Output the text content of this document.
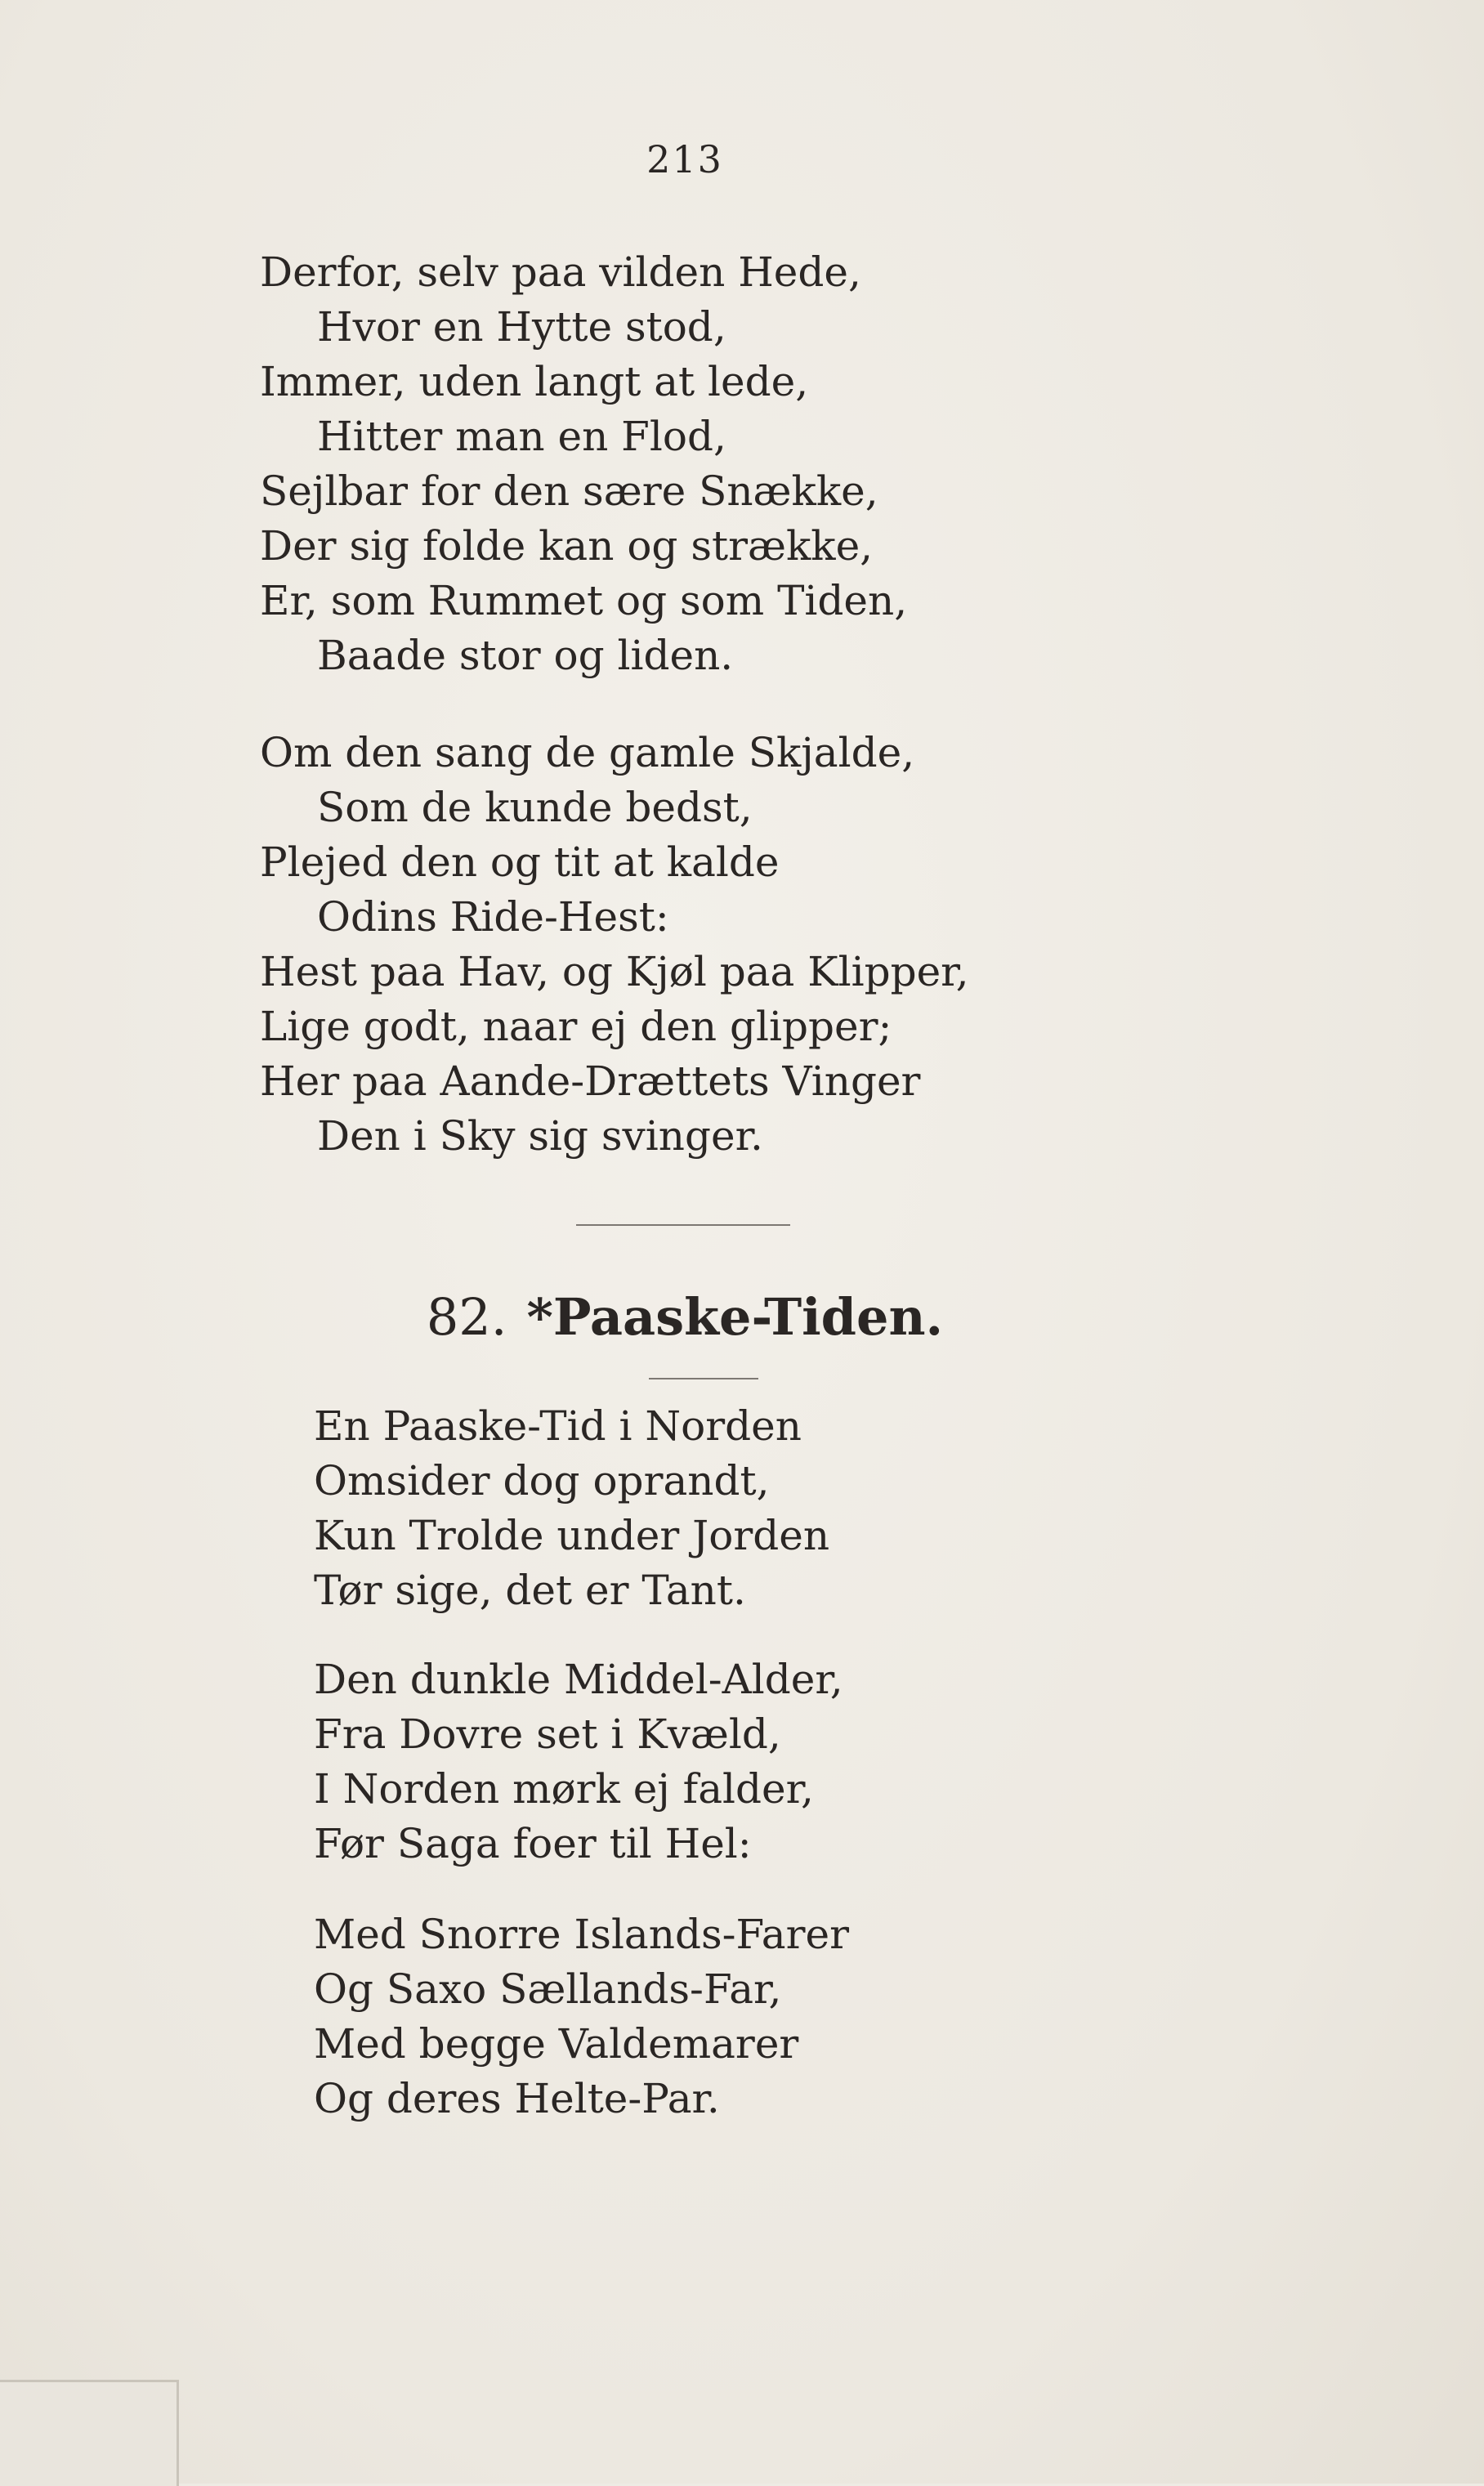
213
Derfor, selv paa vilden Hede,
Hvor en Hytte stod,
Immer, uden langt at lede,
Hitter man en Flod,
Sejlbar for den sære Snække,
Der sig folde kan og strække,
Er, som Rummet og som Tiden,
Baade stor og liden.
Om den sang de gamle Skjalde,
Som de kunde bedst,
Plejed den og tit at kalde
Odins Ride-Hest:
Hest paa Hav, og Kjøl paa Klipper,
Lige godt, naar ej den glipper;
Her paa Aande-Drættets Vinger
Den i Sky sig svinger.
82. *Paaske-Tiden.
En Paaske-Tid i Norden
Omsider dog oprandt,
Kun Trolde under Jorden
Tør sige, det er Tant.
Den dunkle Middel-Alder,
Fra Dovre set i Kvæld,
I Norden mørk ej falder,
Før Saga foer til Hel:
Med Snorre Islands-Farer
Og Saxo Sællands-Far,
Med begge Valdemarer
Og deres Helte-Par.
